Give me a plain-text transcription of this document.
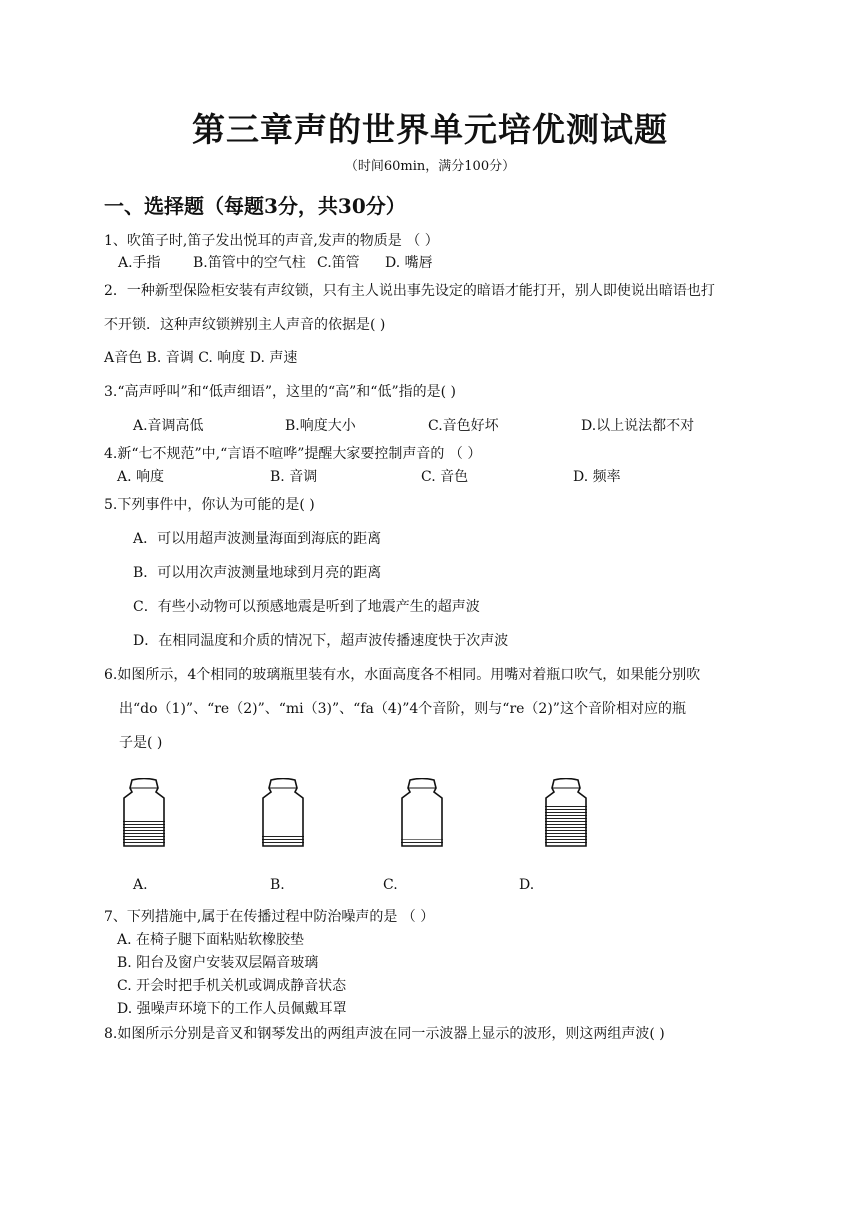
第三章声的世界单元培优测试题
（时间60min，满分100分）
一、选择题（每题3分，共30分）
1、吹笛子时,笛子发出悦耳的声音,发声的物质是 （ ）
A.手指 B.笛管中的空气柱 C.笛管 D. 嘴唇
2．一种新型保险柜安装有声纹锁，只有主人说出事先设定的暗语才能打开，别人即使说出暗语也打
不开锁．这种声纹锁辨别主人声音的依据是( )
A音色 B. 音调 C. 响度 D. 声速
3.“高声呼叫”和“低声细语”，这里的“高”和“低”指的是( )
A.音调高低	B.响度大小	C.音色好坏	D.以上说法都不对
4.新“七不规范”中,“言语不喧哗”提醒大家要控制声音的 （ ）
A. 响度	B. 音调	C. 音色	D. 频率
5.下列事件中，你认为可能的是( )
A．可以用超声波测量海面到海底的距离
B．可以用次声波测量地球到月亮的距离
C．有些小动物可以预感地震是听到了地震产生的超声波
D．在相同温度和介质的情况下，超声波传播速度快于次声波
6.如图所示，4个相同的玻璃瓶里装有水，水面高度各不相同。用嘴对着瓶口吹气，如果能分别吹
出“do（1)”、“re（2)”、“mi（3)”、“fa（4)”4个音阶，则与“re（2)”这个音阶相对应的瓶
子是( )
A.	B.	C.	D.
7、下列措施中,属于在传播过程中防治噪声的是 （ ）
A. 在椅子腿下面粘贴软橡胶垫
B. 阳台及窗户安装双层隔音玻璃
C. 开会时把手机关机或调成静音状态
D. 强噪声环境下的工作人员佩戴耳罩
8.如图所示分别是音叉和钢琴发出的两组声波在同一示波器上显示的波形，则这两组声波( )
